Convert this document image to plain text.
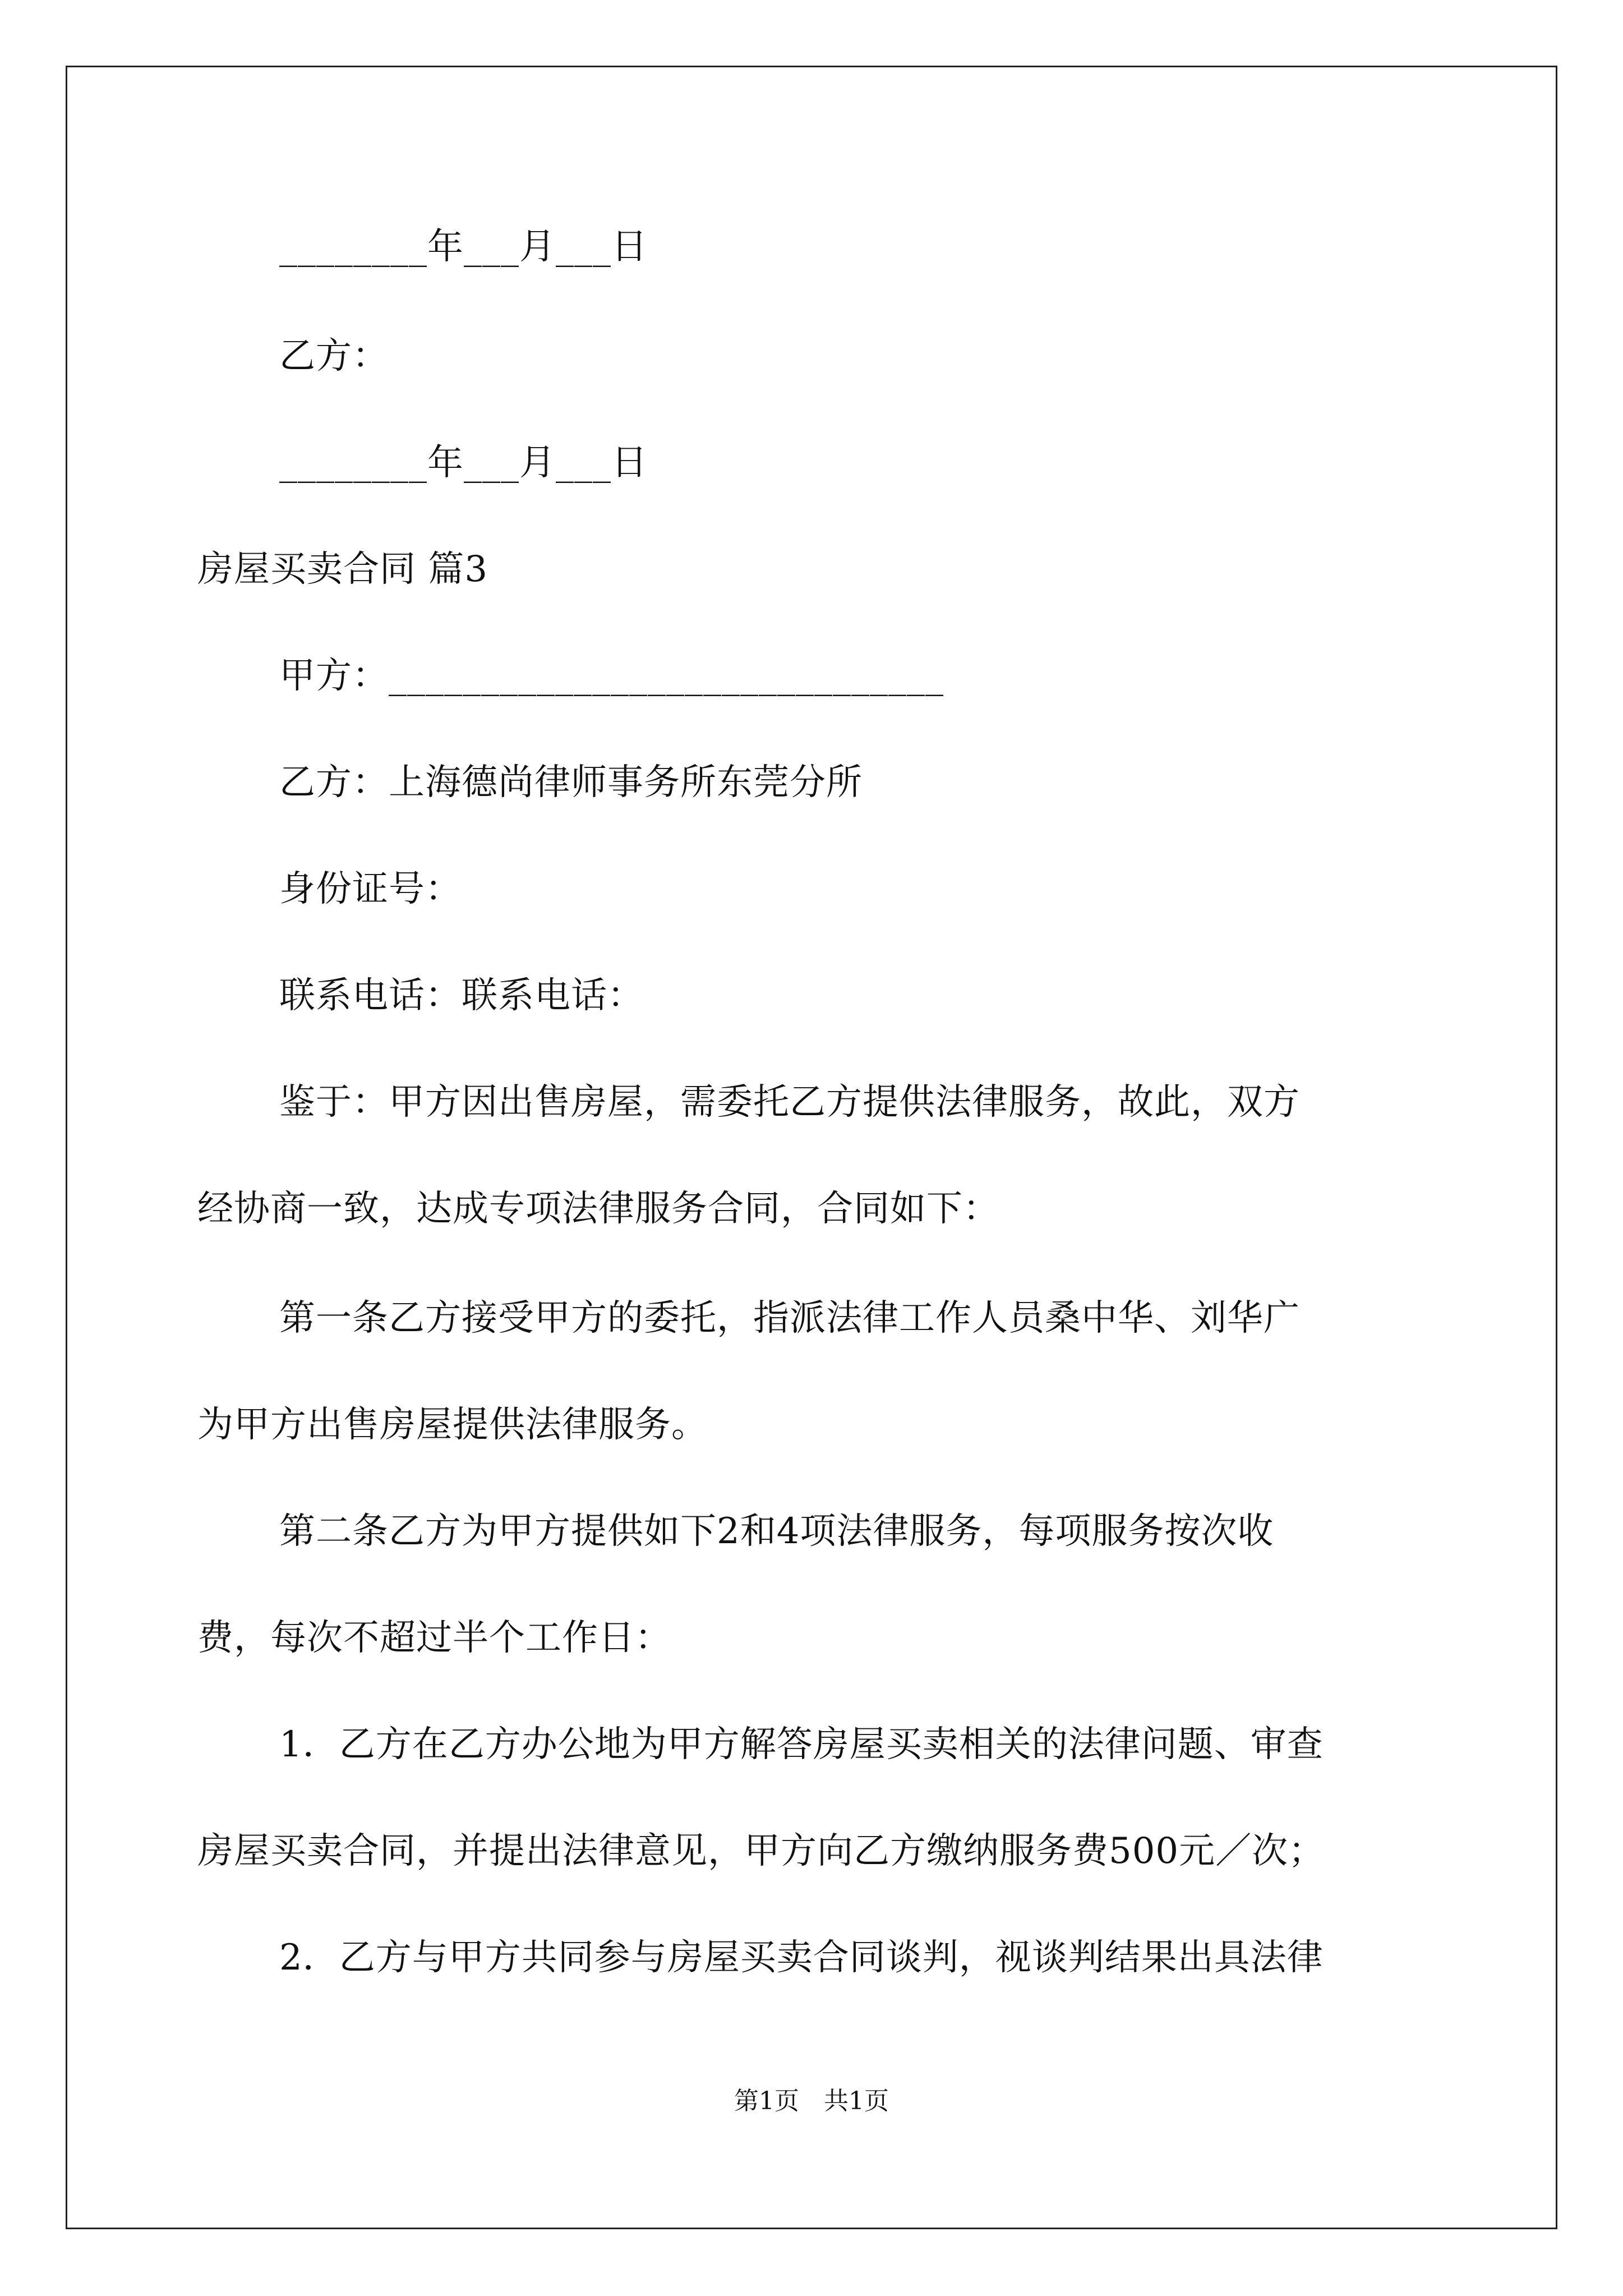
________年___月___日
乙方：
________年___月___日
房屋买卖合同 篇3
甲方：______________________________
乙方：上海德尚律师事务所东莞分所
身份证号：
联系电话：联系电话：
鉴于：甲方因出售房屋，需委托乙方提供法律服务，故此，双方
经协商一致，达成专项法律服务合同，合同如下：
第一条乙方接受甲方的委托，指派法律工作人员桑中华、刘华广
为甲方出售房屋提供法律服务。
第二条乙方为甲方提供如下2和4项法律服务，每项服务按次收
费，每次不超过半个工作日：
1．乙方在乙方办公地为甲方解答房屋买卖相关的法律问题、审查
房屋买卖合同，并提出法律意见，甲方向乙方缴纳服务费500元／次；
2．乙方与甲方共同参与房屋买卖合同谈判，视谈判结果出具法律
第1页　共1页
